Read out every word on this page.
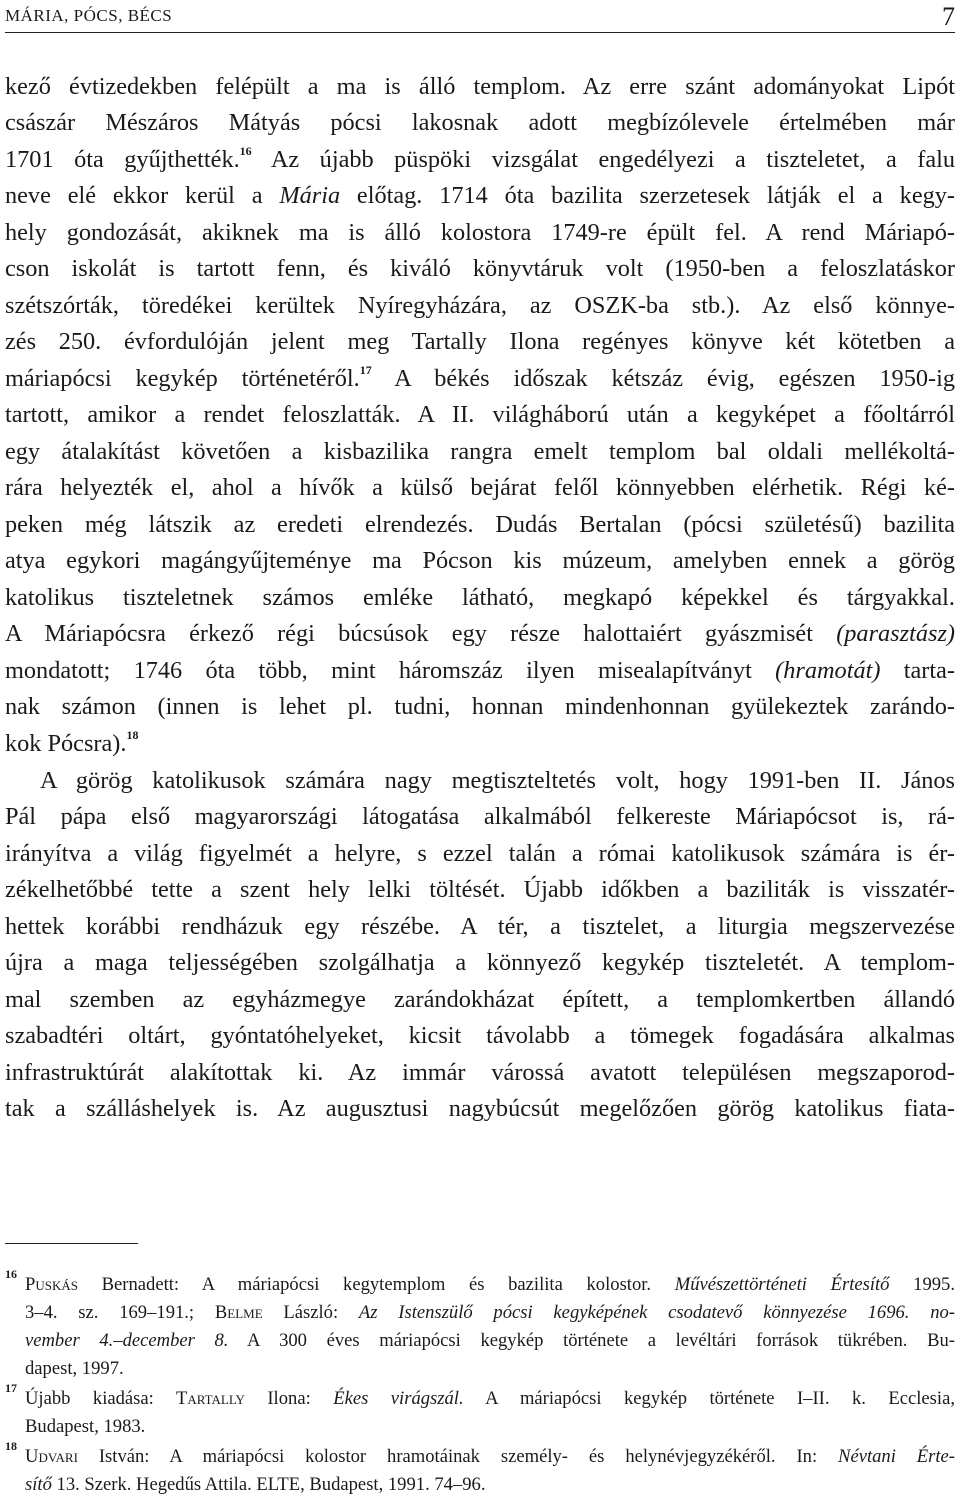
MÁRIA, PÓCS, BÉCS	7
kező évtizedekben felépült a ma is álló templom. Az erre szánt adományokat Lipót
császár Mészáros Mátyás pócsi lakosnak adott megbízólevele értelmében már
1701 óta gyűjthették.$^{16}$ Az újabb püspöki vizsgálat engedélyezi a tiszteletet, a falu
neve elé ekkor kerül a Mária előtag. 1714 óta bazilita szerzetesek látják el a kegy-
hely gondozását, akiknek ma is álló kolostora 1749-re épült fel. A rend Máriapó-
cson iskolát is tartott fenn, és kiváló könyvtáruk volt (1950-ben a feloszlatáskor
szétszórták, töredékei kerültek Nyíregyházára, az OSZK-ba stb.). Az első könnye-
zés 250. évfordulóján jelent meg Tartally Ilona regényes könyve két kötetben a
máriapócsi kegykép történetéről.$^{17}$ A békés időszak kétszáz évig, egészen 1950-ig
tartott, amikor a rendet feloszlatták. A II. világháború után a kegyképet a főoltárról
egy átalakítást követően a kisbazilika rangra emelt templom bal oldali mellékoltá-
rára helyezték el, ahol a hívők a külső bejárat felől könnyebben elérhetik. Régi ké-
peken még látszik az eredeti elrendezés. Dudás Bertalan (pócsi születésű) bazilita
atya egykori magángyűjteménye ma Pócson kis múzeum, amelyben ennek a görög
katolikus tiszteletnek számos emléke látható, megkapó képekkel és tárgyakkal.
A Máriapócsra érkező régi búcsúsok egy része halottaiért gyászmisét (parasztász)
mondatott; 1746 óta több, mint háromszáz ilyen misealapítványt (hramotát) tarta-
nak számon (innen is lehet pl. tudni, honnan mindenhonnan gyülekeztek zarándo-
kok Pócsra).$^{18}$
A görög katolikusok számára nagy megtiszteltetés volt, hogy 1991-ben II. János
Pál pápa első magyarországi látogatása alkalmából felkereste Máriapócsot is, rá-
irányítva a világ figyelmét a helyre, s ezzel talán a római katolikusok számára is ér-
zékelhetőbbé tette a szent hely lelki töltését. Újabb időkben a baziliták is visszatér-
hettek korábbi rendházuk egy részébe. A tér, a tisztelet, a liturgia megszervezése
újra a maga teljességében szolgálhatja a könnyező kegykép tiszteletét. A templom-
mal szemben az egyházmegye zarándokházat épített, a templomkertben állandó
szabadtéri oltárt, gyóntatóhelyeket, kicsit távolabb a tömegek fogadására alkalmas
infrastruktúrát alakítottak ki. Az immár várossá avatott településen megszaporod-
tak a szálláshelyek is. Az augusztusi nagybúcsút megelőzően görög katolikus fiata-
16 Puskás Bernadett: A máriapócsi kegytemplom és bazilita kolostor. Művészettörténeti Értesítő 1995.
3–4. sz. 169–191.; Belme László: Az Istenszülő pócsi kegyképének csodatevő könnyezése 1696. no-
vember 4.–december 8. A 300 éves máriapócsi kegykép története a levéltári források tükrében. Bu-
dapest, 1997.
17 Újabb kiadása: Tartally Ilona: Ékes virágszál. A máriapócsi kegykép története I–II. k. Ecclesia,
Budapest, 1983.
18 Udvari István: A máriapócsi kolostor hramotáinak személy- és helynévjegyzékéről. In: Névtani Érte-
sítő 13. Szerk. Hegedűs Attila. ELTE, Budapest, 1991. 74–96.
